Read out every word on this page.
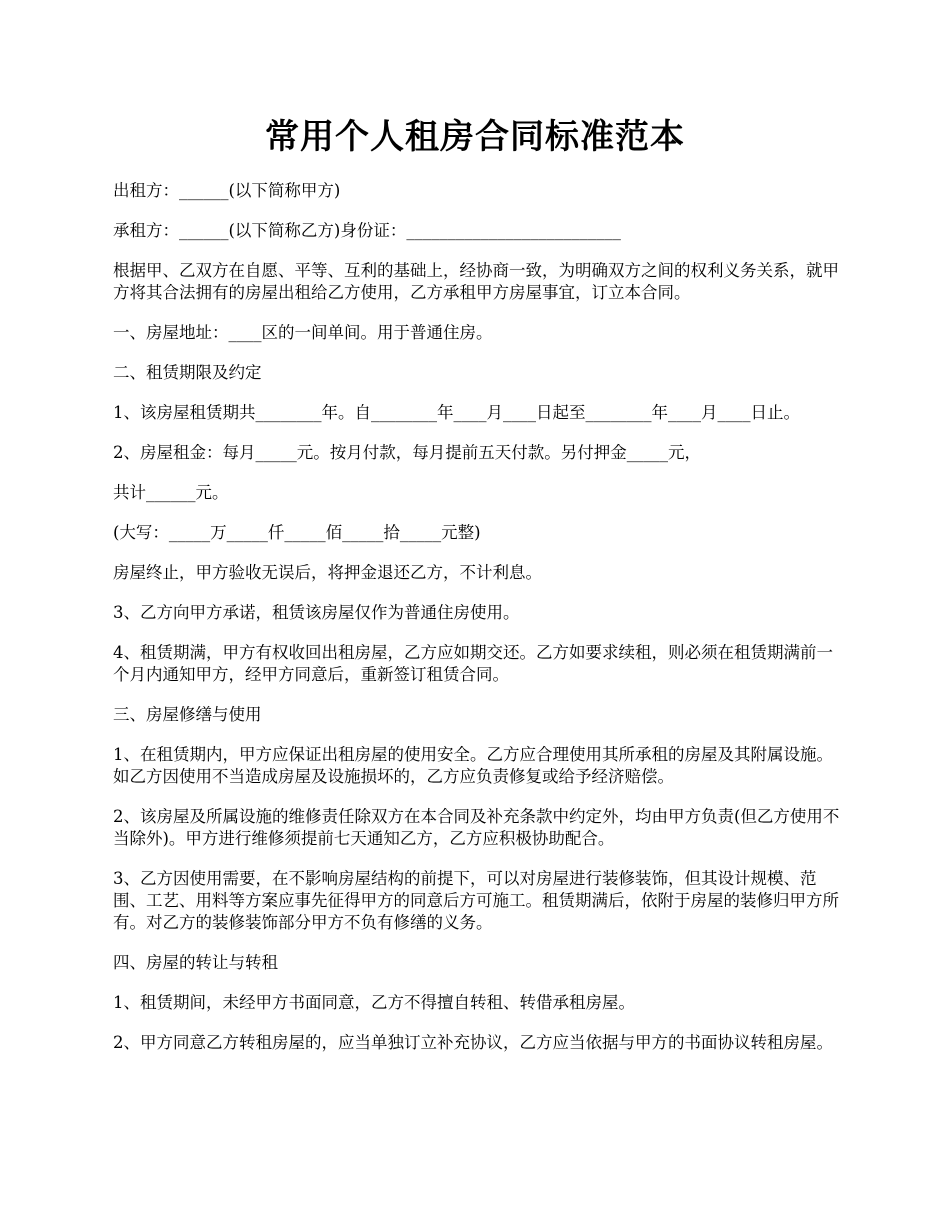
常用个人租房合同标准范本

出租方：______(以下简称甲方)

承租方：______(以下简称乙方)身份证：__________________________

根据甲、乙双方在自愿、平等、互利的基础上，经协商一致，为明确双方之间的权利义务关系，就甲方将其合法拥有的房屋出租给乙方使用，乙方承租甲方房屋事宜，订立本合同。

一、房屋地址：____区的一间单间。用于普通住房。

二、租赁期限及约定

1、该房屋租赁期共________年。自________年____月____日起至________年____月____日止。

2、房屋租金：每月_____元。按月付款，每月提前五天付款。另付押金_____元，

共计______元。

(大写：_____万_____仟_____佰_____拾_____元整)

房屋终止，甲方验收无误后，将押金退还乙方，不计利息。

3、乙方向甲方承诺，租赁该房屋仅作为普通住房使用。

4、租赁期满，甲方有权收回出租房屋，乙方应如期交还。乙方如要求续租，则必须在租赁期满前一个月内通知甲方，经甲方同意后，重新签订租赁合同。

三、房屋修缮与使用

1、在租赁期内，甲方应保证出租房屋的使用安全。乙方应合理使用其所承租的房屋及其附属设施。如乙方因使用不当造成房屋及设施损坏的，乙方应负责修复或给予经济赔偿。

2、该房屋及所属设施的维修责任除双方在本合同及补充条款中约定外，均由甲方负责(但乙方使用不当除外)。甲方进行维修须提前七天通知乙方，乙方应积极协助配合。

3、乙方因使用需要，在不影响房屋结构的前提下，可以对房屋进行装修装饰，但其设计规模、范围、工艺、用料等方案应事先征得甲方的同意后方可施工。租赁期满后，依附于房屋的装修归甲方所有。对乙方的装修装饰部分甲方不负有修缮的义务。

四、房屋的转让与转租

1、租赁期间，未经甲方书面同意，乙方不得擅自转租、转借承租房屋。

2、甲方同意乙方转租房屋的，应当单独订立补充协议，乙方应当依据与甲方的书面协议转租房屋。
